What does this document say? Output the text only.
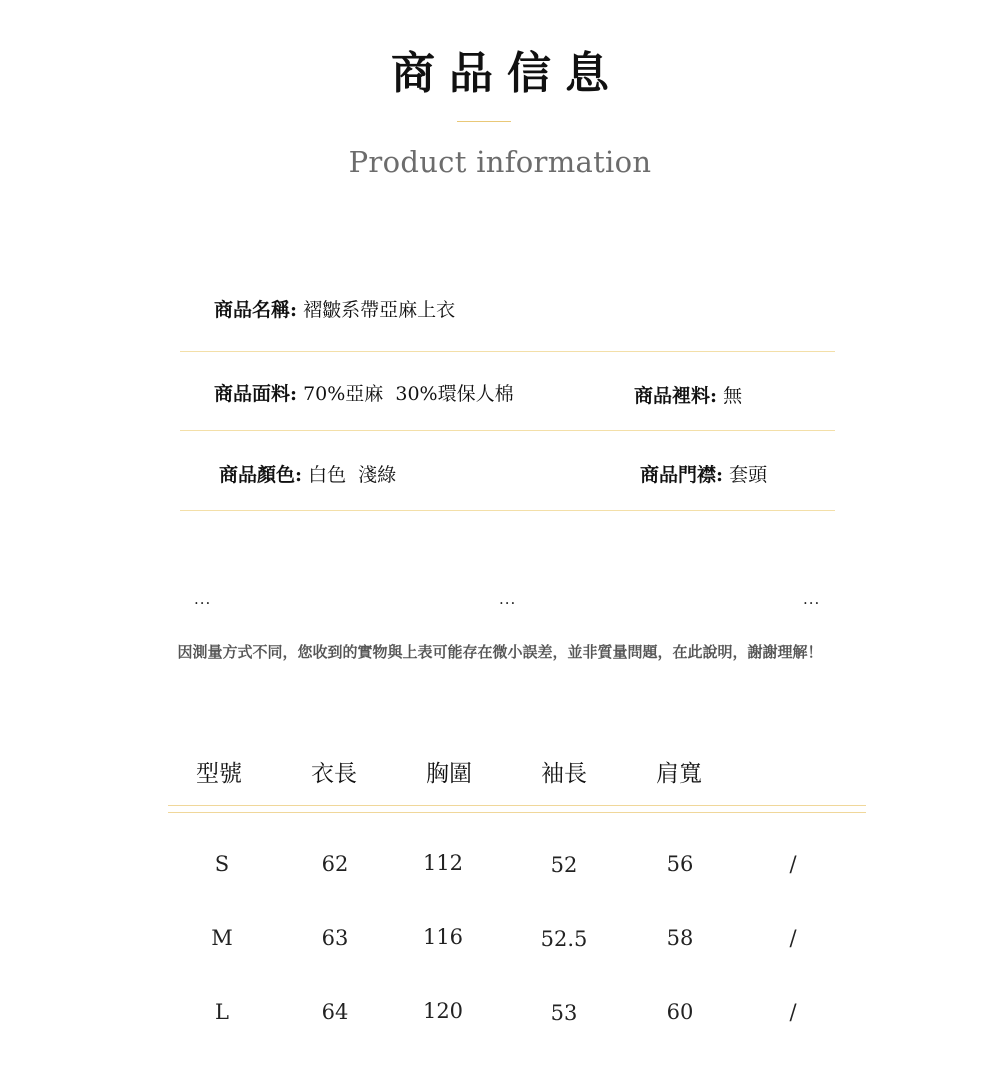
商品信息
Product information
商品名稱: 褶皺系帶亞麻上衣
商品面料: 70%亞麻  30%環保人棉	商品裡料: 無
商品顏色: 白色  淺綠	商品門襟: 套頭
...	...	...
因測量方式不同，您收到的實物與上表可能存在微小誤差，並非質量問題，在此說明，謝謝理解！
型號	衣長	胸圍	袖長	肩寬
S	62	112	52	56	/
M	63	116	52.5	58	/
L	64	120	53	60	/
